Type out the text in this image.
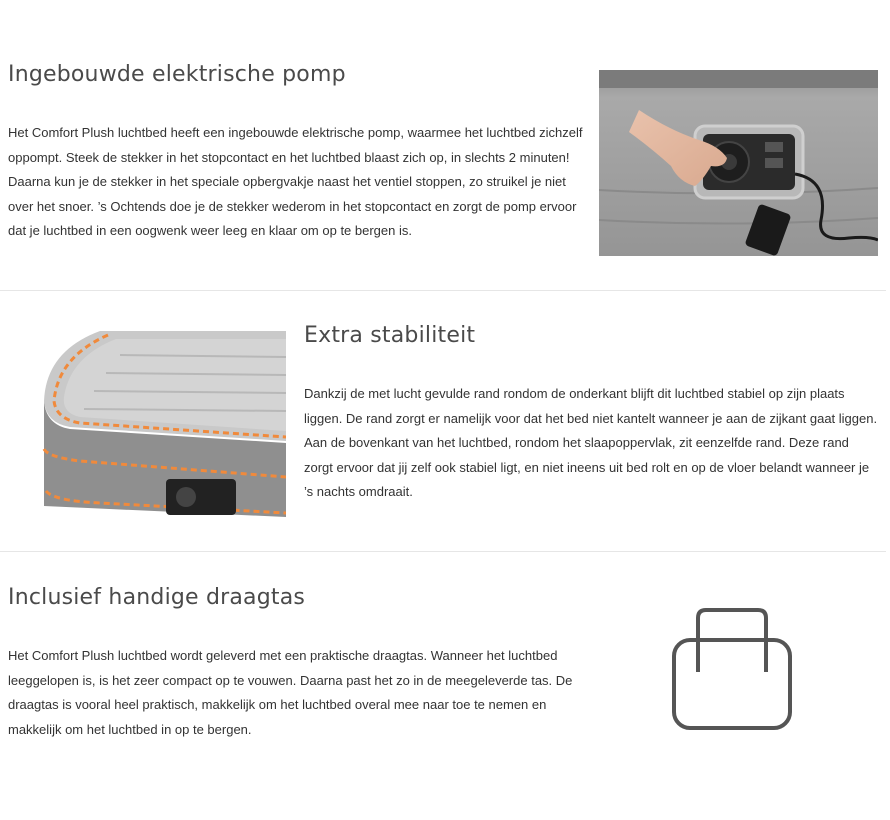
Ingebouwde elektrische pomp

Het Comfort Plush luchtbed heeft een ingebouwde elektrische pomp, waarmee het luchtbed zichzelf oppompt. Steek de stekker in het stopcontact en het luchtbed blaast zich op, in slechts 2 minuten! Daarna kun je de stekker in het speciale opbergvakje naast het ventiel stoppen, zo struikel je niet over het snoer. ’s Ochtends doe je de stekker wederom in het stopcontact en zorgt de pomp ervoor dat je luchtbed in een oogwenk weer leeg en klaar om op te bergen is.

Extra stabiliteit

Dankzij de met lucht gevulde rand rondom de onderkant blijft dit luchtbed stabiel op zijn plaats liggen. De rand zorgt er namelijk voor dat het bed niet kantelt wanneer je aan de zijkant gaat liggen. Aan de bovenkant van het luchtbed, rondom het slaapoppervlak, zit eenzelfde rand. Deze rand zorgt ervoor dat jij zelf ook stabiel ligt, en niet ineens uit bed rolt en op de vloer belandt wanneer je ’s nachts omdraait.

Inclusief handige draagtas

Het Comfort Plush luchtbed wordt geleverd met een praktische draagtas. Wanneer het luchtbed leeggelopen is, is het zeer compact op te vouwen. Daarna past het zo in de meegeleverde tas. De draagtas is vooral heel praktisch, makkelijk om het luchtbed overal mee naar toe te nemen en makkelijk om het luchtbed in op te bergen.
